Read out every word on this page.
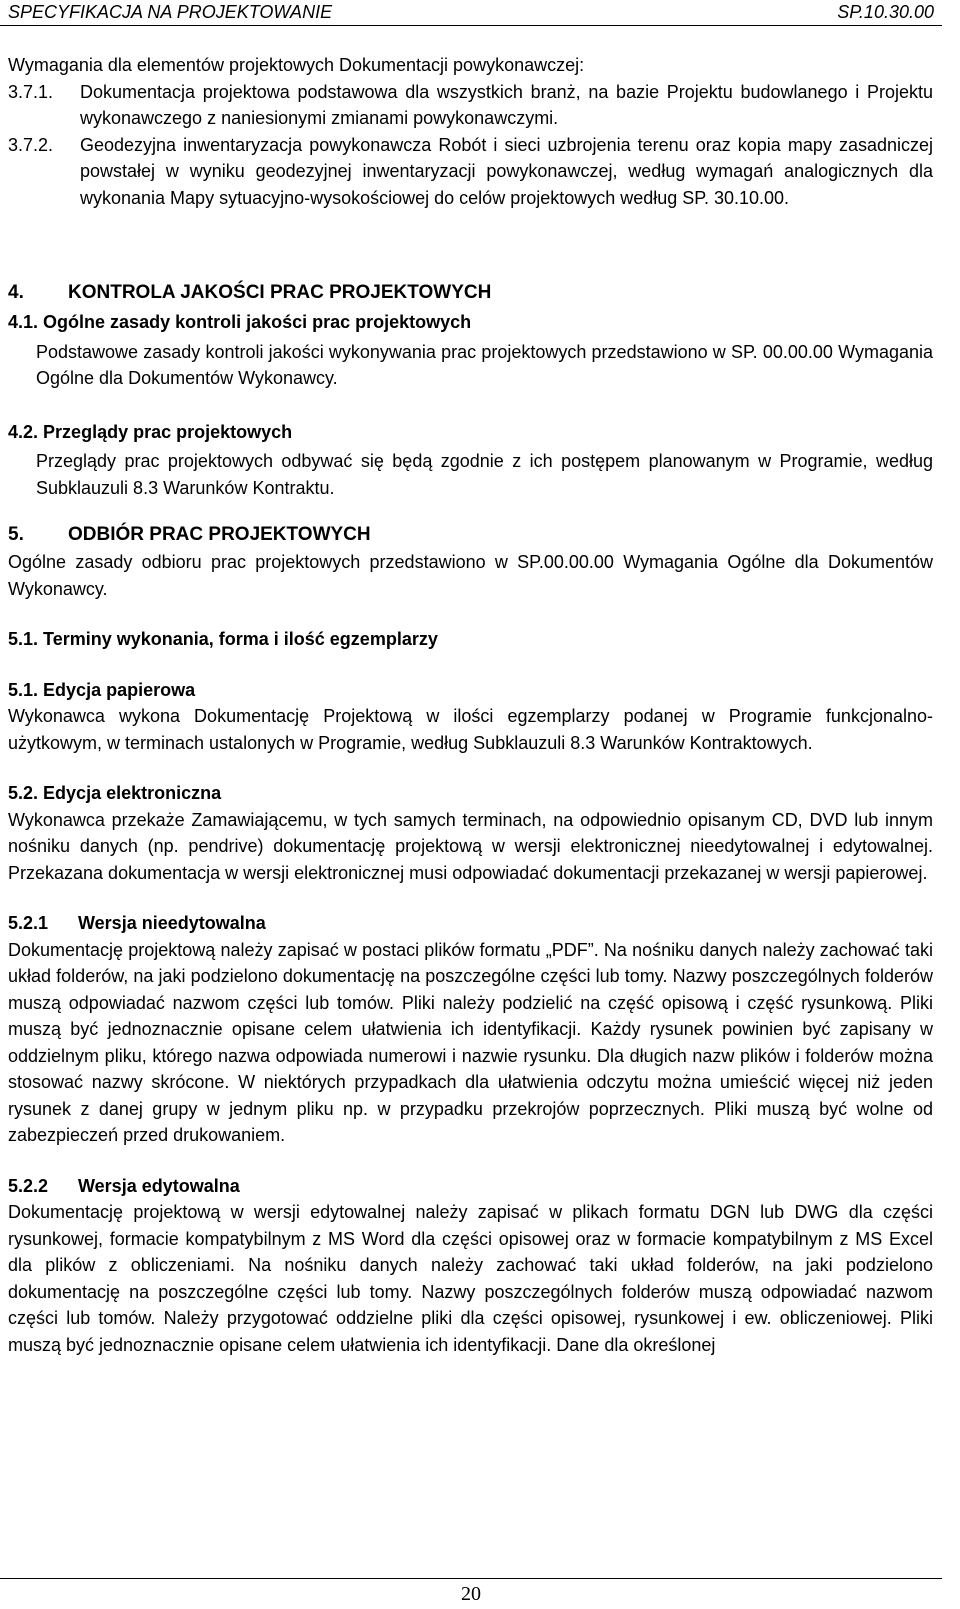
SPECYFIKACJA NA PROJEKTOWANIE	SP.10.30.00

Wymagania dla elementów projektowych Dokumentacji powykonawczej:

3.7.1. Dokumentacja projektowa podstawowa dla wszystkich branż, na bazie Projektu budowlanego i Projektu wykonawczego z naniesionymi zmianami powykonawczymi.
3.7.2. Geodezyjna inwentaryzacja powykonawcza Robót i sieci uzbrojenia terenu oraz kopia mapy zasadniczej powstałej w wyniku geodezyjnej inwentaryzacji powykonawczej, według wymagań analogicznych dla wykonania Mapy sytuacyjno-wysokościowej do celów projektowych według SP. 30.10.00.
4. KONTROLA JAKOŚCI PRAC PROJEKTOWYCH
4.1. Ogólne zasady kontroli jakości prac projektowych

Podstawowe zasady kontroli jakości wykonywania prac projektowych przedstawiono w SP. 00.00.00 Wymagania Ogólne dla Dokumentów Wykonawcy.

4.2. Przeglądy prac projektowych

Przeglądy prac projektowych odbywać się będą zgodnie z ich postępem planowanym w Programie, według Subklauzuli 8.3 Warunków Kontraktu.

5. ODBIÓR PRAC PROJEKTOWYCH

Ogólne zasady odbioru prac projektowych przedstawiono w SP.00.00.00 Wymagania Ogólne dla Dokumentów Wykonawcy.

5.1. Terminy wykonania, forma i ilość egzemplarzy
5.1. Edycja papierowa

Wykonawca wykona Dokumentację Projektową w ilości egzemplarzy podanej w Programie funkcjonalno-użytkowym, w terminach ustalonych w Programie, według Subklauzuli 8.3 Warunków Kontraktowych.

5.2. Edycja elektroniczna

Wykonawca przekaże Zamawiającemu, w tych samych terminach, na odpowiednio opisanym CD, DVD lub innym nośniku danych (np. pendrive) dokumentację projektową w wersji elektronicznej nieedytowalnej i edytowalnej. Przekazana dokumentacja w wersji elektronicznej musi odpowiadać dokumentacji przekazanej w wersji papierowej.

5.2.1 Wersja nieedytowalna

Dokumentację projektową należy zapisać w postaci plików formatu „PDF”. Na nośniku danych należy zachować taki układ folderów, na jaki podzielono dokumentację na poszczególne części lub tomy. Nazwy poszczególnych folderów muszą odpowiadać nazwom części lub tomów. Pliki należy podzielić na część opisową i część rysunkową. Pliki muszą być jednoznacznie opisane celem ułatwienia ich identyfikacji. Każdy rysunek powinien być zapisany w oddzielnym pliku, którego nazwa odpowiada numerowi i nazwie rysunku. Dla długich nazw plików i folderów można stosować nazwy skrócone. W niektórych przypadkach dla ułatwienia odczytu można umieścić więcej niż jeden rysunek z danej grupy w jednym pliku np. w przypadku przekrojów poprzecznych. Pliki muszą być wolne od zabezpieczeń przed drukowaniem.

5.2.2 Wersja edytowalna

Dokumentację projektową w wersji edytowalnej należy zapisać w plikach formatu DGN lub DWG dla części rysunkowej, formacie kompatybilnym z MS Word dla części opisowej oraz w formacie kompatybilnym z MS Excel dla plików z obliczeniami. Na nośniku danych należy zachować taki układ folderów, na jaki podzielono dokumentację na poszczególne części lub tomy. Nazwy poszczególnych folderów muszą odpowiadać nazwom części lub tomów. Należy przygotować oddzielne pliki dla części opisowej, rysunkowej i ew. obliczeniowej. Pliki muszą być jednoznacznie opisane celem ułatwienia ich identyfikacji. Dane dla określonej

20
